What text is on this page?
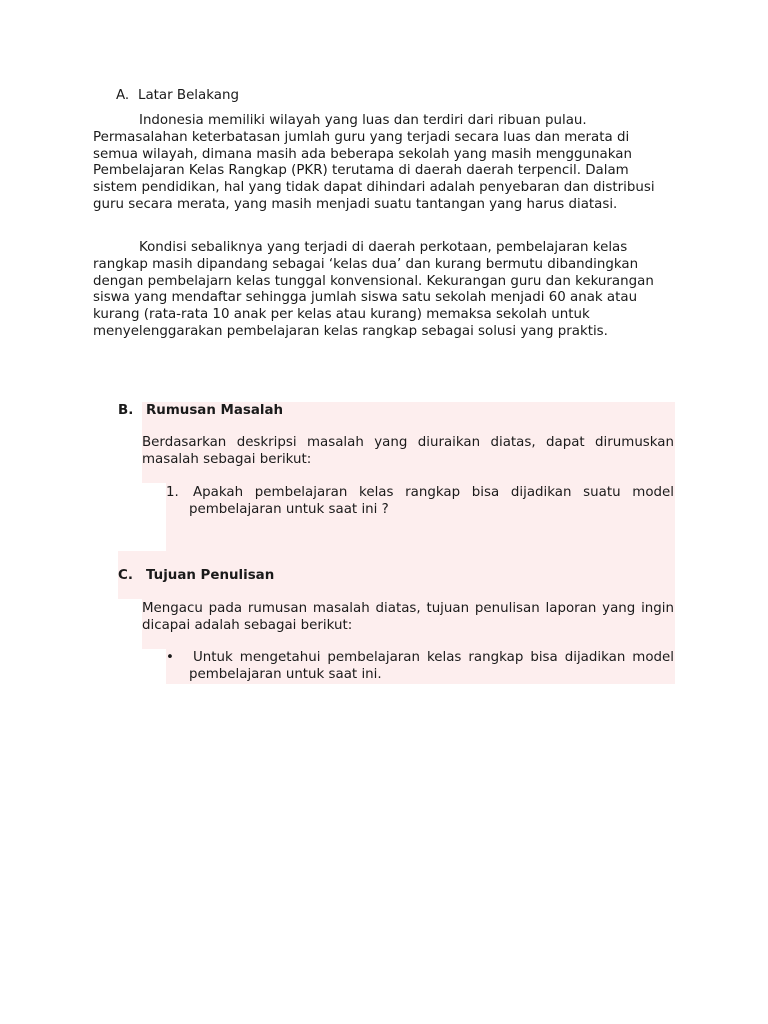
A. Latar Belakang

Indonesia memiliki wilayah yang luas dan terdiri dari ribuan pulau. Permasalahan keterbatasan jumlah guru yang terjadi secara luas dan merata di semua wilayah, dimana masih ada beberapa sekolah yang masih menggunakan Pembelajaran Kelas Rangkap (PKR) terutama di daerah daerah terpencil. Dalam sistem pendidikan, hal yang tidak dapat dihindari adalah penyebaran dan distribusi guru secara merata, yang masih menjadi suatu tantangan yang harus diatasi.

Kondisi sebaliknya yang terjadi di daerah perkotaan, pembelajaran kelas rangkap masih dipandang sebagai ‘kelas dua’ dan kurang bermutu dibandingkan dengan pembelajarn kelas tunggal konvensional. Kekurangan guru dan kekurangan siswa yang mendaftar sehingga jumlah siswa satu sekolah menjadi 60 anak atau kurang (rata-rata 10 anak per kelas atau kurang) memaksa sekolah untuk menyelenggarakan pembelajaran kelas rangkap sebagai solusi yang praktis.

B. Rumusan Masalah

Berdasarkan deskripsi masalah yang diuraikan diatas, dapat dirumuskan masalah sebagai berikut:

1.	Apakah pembelajaran kelas rangkap bisa dijadikan suatu model pembelajaran untuk saat ini ?
C. Tujuan Penulisan

Mengacu pada rumusan masalah diatas, tujuan penulisan laporan yang ingin dicapai adalah sebagai berikut:

•	Untuk mengetahui pembelajaran kelas rangkap bisa dijadikan model pembelajaran untuk saat ini.
